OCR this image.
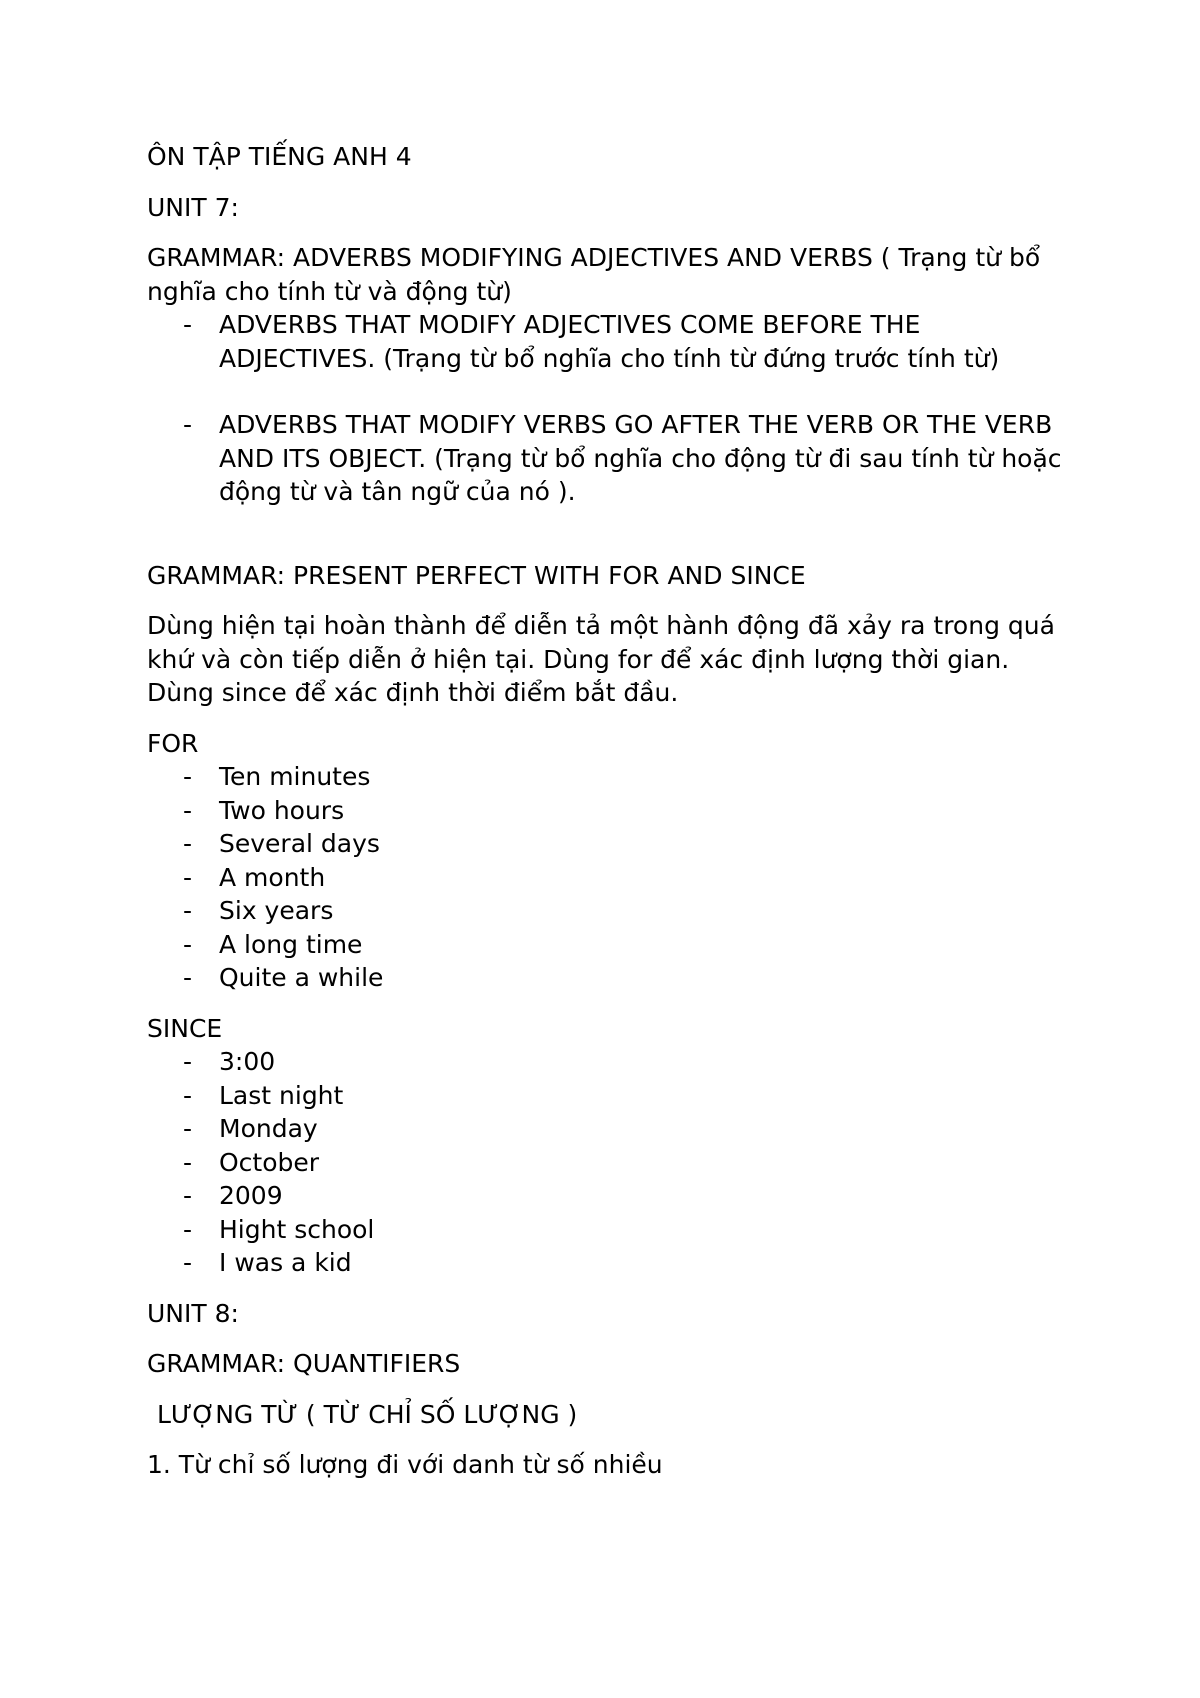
ÔN TẬP TIẾNG ANH 4

UNIT 7:

GRAMMAR: ADVERBS MODIFYING ADJECTIVES AND VERBS ( Trạng từ bổ nghĩa cho tính từ và động từ)

- ADVERBS THAT MODIFY ADJECTIVES COME BEFORE THE ADJECTIVES. (Trạng từ bổ nghĩa cho tính từ đứng trước tính từ)
- ADVERBS THAT MODIFY VERBS GO AFTER THE VERB OR THE VERB AND ITS OBJECT. (Trạng từ bổ nghĩa cho động từ đi sau tính từ hoặc động từ và tân ngữ của nó ).

GRAMMAR: PRESENT PERFECT WITH FOR AND SINCE

Dùng hiện tại hoàn thành để diễn tả một hành động đã xảy ra trong quá khứ và còn tiếp diễn ở hiện tại. Dùng for để xác định lượng thời gian. Dùng since để xác định thời điểm bắt đầu.

FOR

- Ten minutes
- Two hours
- Several days
- A month
- Six years
- A long time
- Quite a while

SINCE

- 3:00
- Last night
- Monday
- October
- 2009
- Hight school
- I was a kid

UNIT 8:

GRAMMAR: QUANTIFIERS

LƯỢNG TỪ ( TỪ CHỈ SỐ LƯỢNG )

1. Từ chỉ số lượng đi với danh từ số nhiều
